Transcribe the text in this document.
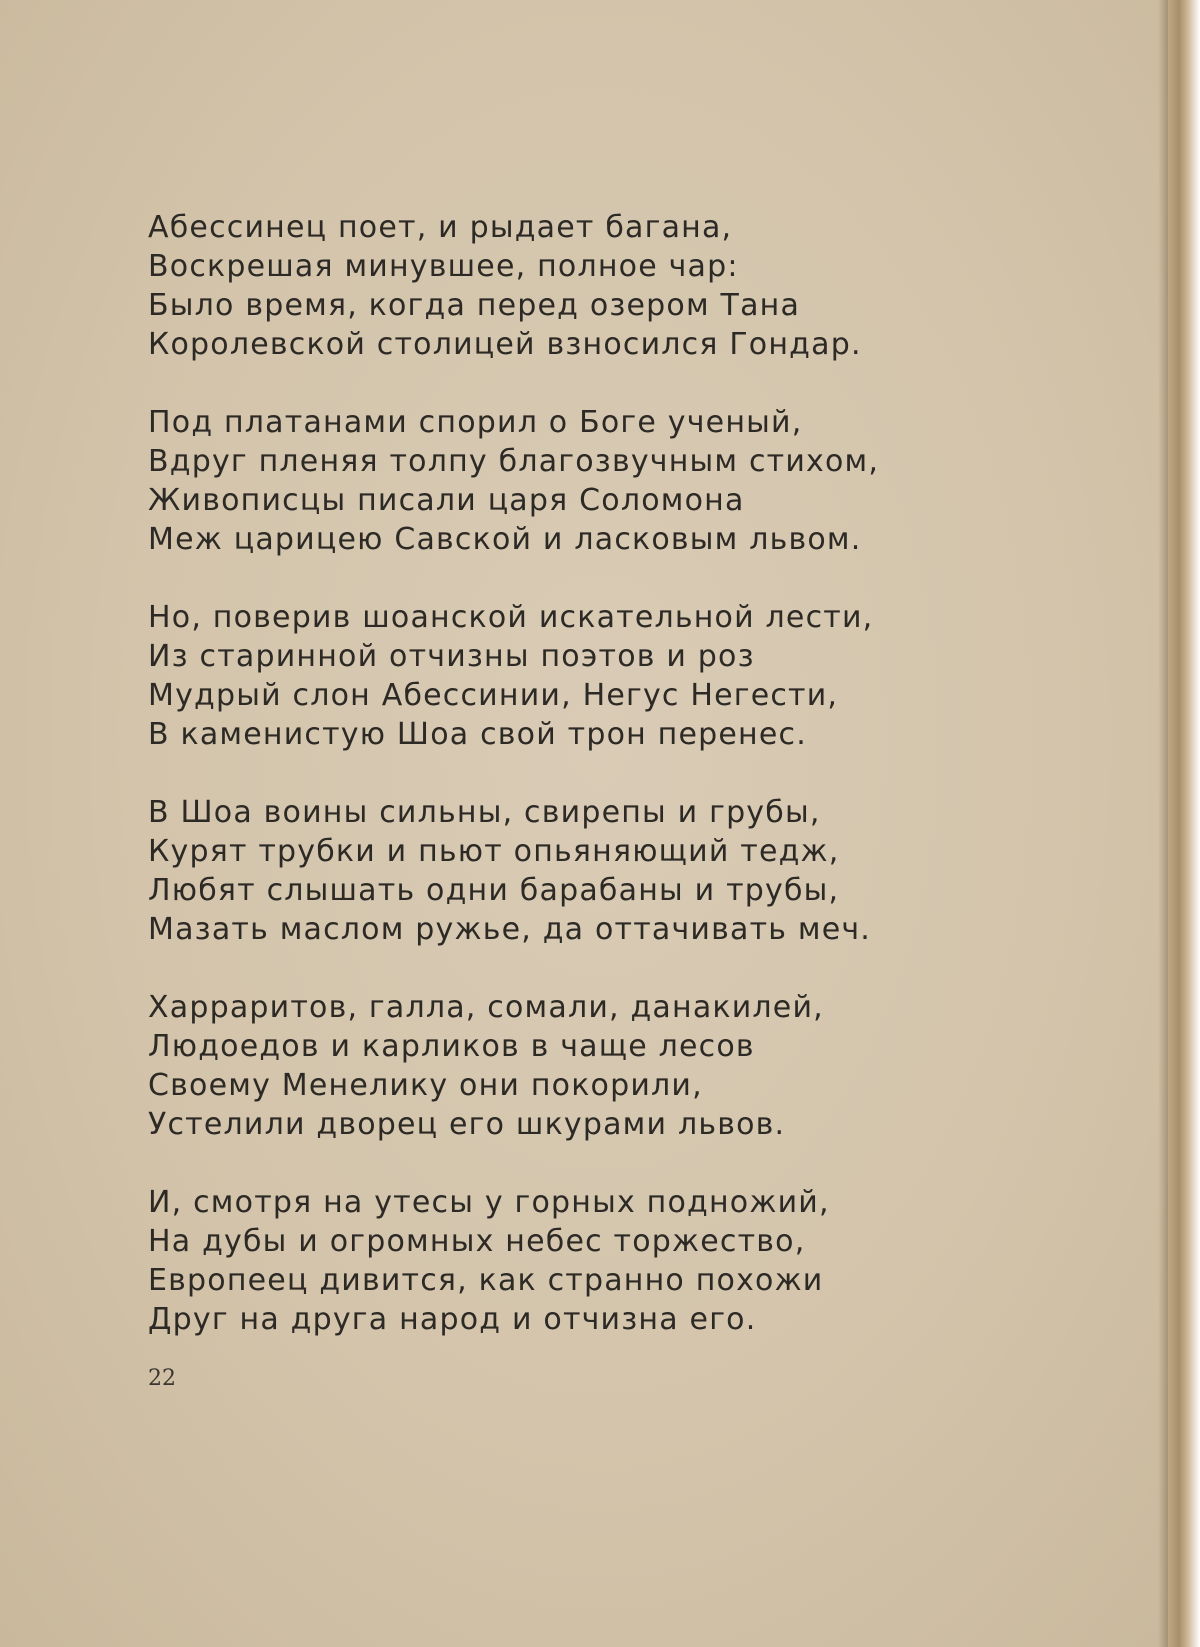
Абессинец поет, и рыдает багана,
Воскрешая минувшее, полное чар:
Было время, когда перед озером Тана
Королевской столицей взносился Гондар.
Под платанами спорил о Боге ученый,
Вдруг пленяя толпу благозвучным стихом,
Живописцы писали царя Соломона
Меж царицею Савской и ласковым львом.
Но, поверив шоанской искательной лести,
Из старинной отчизны поэтов и роз
Мудрый слон Абессинии, Негус Негести,
В каменистую Шоа свой трон перенес.
В Шоа воины сильны, свирепы и грубы,
Курят трубки и пьют опьяняющий тедж,
Любят слышать одни барабаны и трубы,
Мазать маслом ружье, да оттачивать меч.
Харраритов, галла, сомали, данакилей,
Людоедов и карликов в чаще лесов
Своему Менелику они покорили,
Устелили дворец его шкурами львов.
И, смотря на утесы у горных подножий,
На дубы и огромных небес торжество,
Европеец дивится, как странно похожи
Друг на друга народ и отчизна его.
22
